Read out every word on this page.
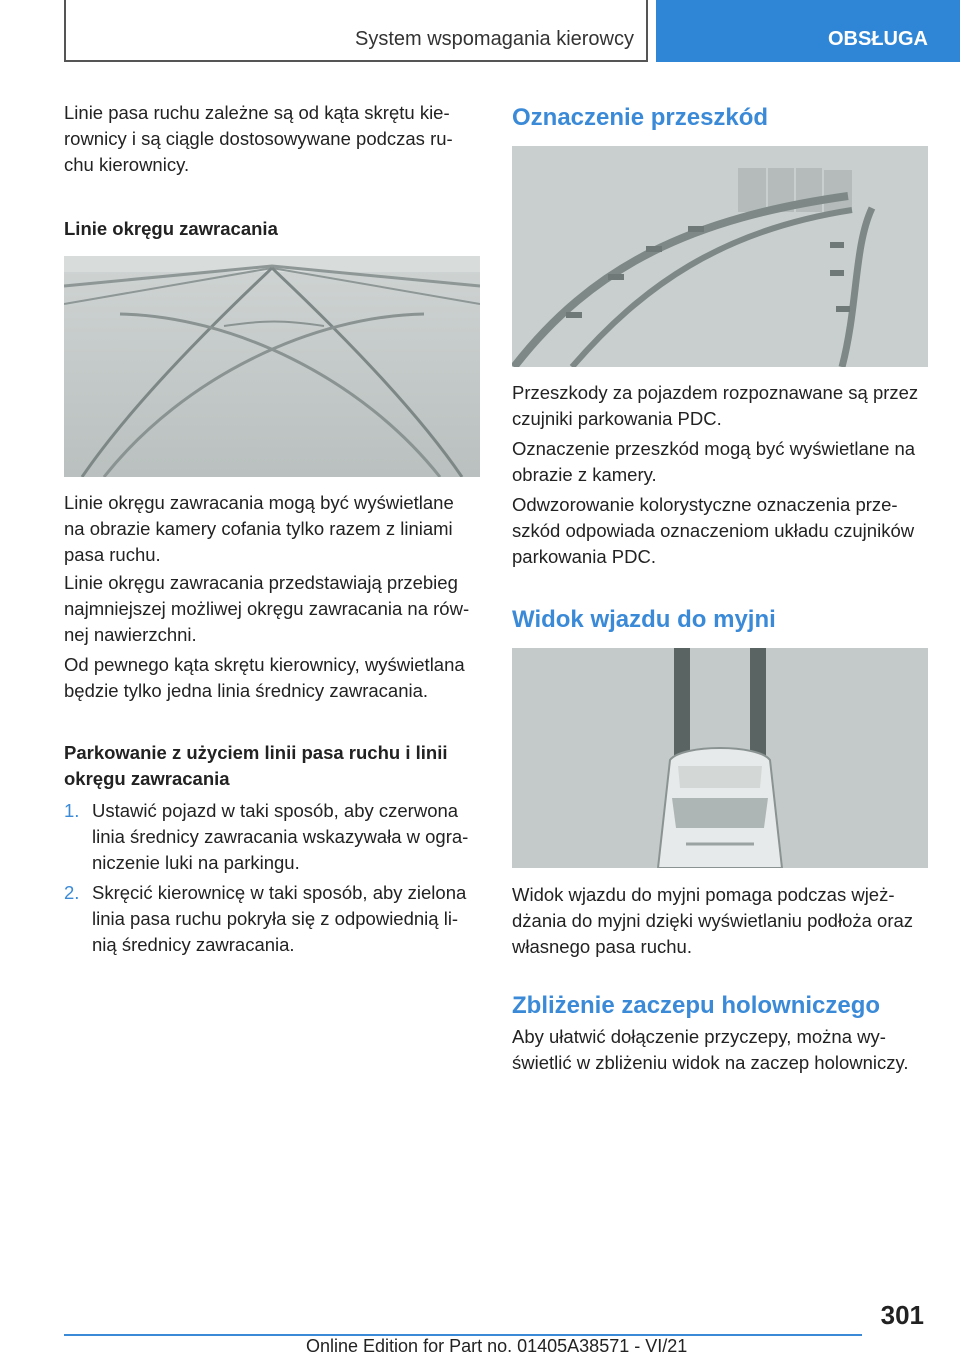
System wspomagania kierowcy	OBSŁUGA

Linie pasa ruchu zależne są od kąta skrętu kie-
rownicy i są ciągle dostosowywane podczas ru-
chu kierownicy.

Linie okręgu zawracania

Linie okręgu zawracania mogą być wyświetlane
na obrazie kamery cofania tylko razem z liniami
pasa ruchu.

Linie okręgu zawracania przedstawiają przebieg
najmniejszej możliwej okręgu zawracania na rów-
nej nawierzchni.

Od pewnego kąta skrętu kierownicy, wyświetlana
będzie tylko jedna linia średnicy zawracania.

Parkowanie z użyciem linii pasa ruchu i linii
okręgu zawracania

1. Ustawić pojazd w taki sposób, aby czerwona
linia średnicy zawracania wskazywała w ogra-
niczenie luki na parkingu.
2. Skręcić kierownicę w taki sposób, aby zielona
linia pasa ruchu pokryła się z odpowiednią li-
nią średnicy zawracania.

Oznaczenie przeszkód

Przeszkody za pojazdem rozpoznawane są przez
czujniki parkowania PDC.

Oznaczenie przeszkód mogą być wyświetlane na
obrazie z kamery.

Odwzorowanie kolorystyczne oznaczenia prze-
szkód odpowiada oznaczeniom układu czujników
parkowania PDC.

Widok wjazdu do myjni

Widok wjazdu do myjni pomaga podczas wjeż-
dżania do myjni dzięki wyświetlaniu podłoża oraz
własnego pasa ruchu.

Zbliżenie zaczepu holowniczego

Aby ułatwić dołączenie przyczepy, można wy-
świetlić w zbliżeniu widok na zaczep holowniczy.

301
Online Edition for Part no. 01405A38571 - VI/21
